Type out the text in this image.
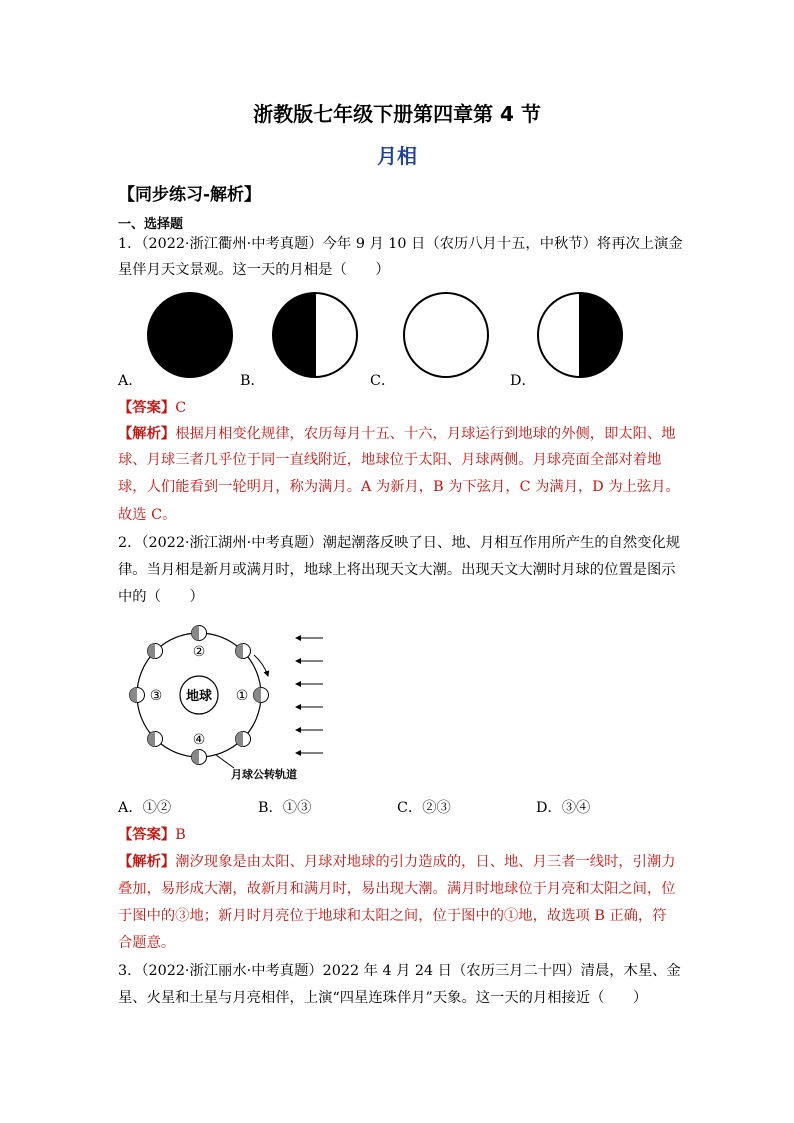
浙教版七年级下册第四章第 4 节
月相
【同步练习-解析】
一、选择题
1．（2022·浙江衢州·中考真题）今年 9 月 10 日（农历八月十五，中秋节）将再次上演金
星伴月天文景观。这一天的月相是（　　）
A．	B．	C．	D．
【答案】C
【解析】根据月相变化规律，农历每月十五、十六，月球运行到地球的外侧，即太阳、地
球、月球三者几乎位于同一直线附近，地球位于太阳、月球两侧。月球亮面全部对着地
球，人们能看到一轮明月，称为满月。A 为新月，B 为下弦月，C 为满月，D 为上弦月。
故选 C。
2．（2022·浙江湖州·中考真题）潮起潮落反映了日、地、月相互作用所产生的自然变化规
律。当月相是新月或满月时，地球上将出现天文大潮。出现天文大潮时月球的位置是图示
中的（　　）
地球
②
①
③
④
月球公转轨道
A．①②	B．①③	C．②③	D．③④
【答案】B
【解析】潮汐现象是由太阳、月球对地球的引力造成的，日、地、月三者一线时，引潮力
叠加，易形成大潮，故新月和满月时，易出现大潮。满月时地球位于月亮和太阳之间，位
于图中的③地；新月时月亮位于地球和太阳之间，位于图中的①地，故选项 B 正确，符
合题意。
3．（2022·浙江丽水·中考真题）2022 年 4 月 24 日（农历三月二十四）清晨，木星、金
星、火星和土星与月亮相伴，上演“四星连珠伴月”天象。这一天的月相接近（　　）
